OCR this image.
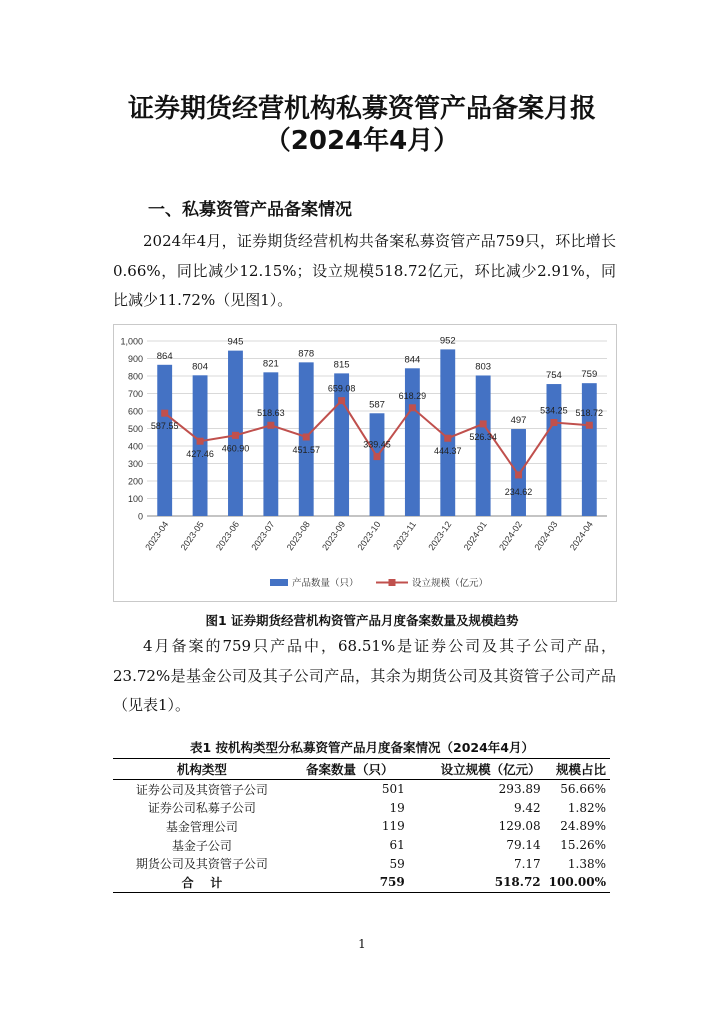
证券期货经营机构私募资管产品备案月报
（2024年4月）
一、私募资管产品备案情况
2024年4月，证券期货经营机构共备案私募资管产品759只，环比增长0.66%，同比减少12.15%；设立规模518.72亿元，环比减少2.91%，同比减少11.72%（见图1）。
0
100
200
300
400
500
600
700
800
900
1,000
864
804
945
821
878
815
587
844
952
803
497
754 759
587.55
427.46
460.90
518.63
451.57
659.08
339.45
618.29
444.37
526.34
234.62
534.25 518.72
2023-04 2023-05 2023-06 2023-07 2023-08 2023-09 2023-10 2023-11 2023-12 2024-01 2024-02 2024-03 2024-04
产品数量（只）	设立规模（亿元）
图1 证券期货经营机构资管产品月度备案数量及规模趋势
4月备案的759只产品中，68.51%是证券公司及其子公司产品，23.72%是基金公司及其子公司产品，其余为期货公司及其资管子公司产品（见表1）。
表1 按机构类型分私募资管产品月度备案情况（2024年4月）
机构类型	备案数量（只）	设立规模（亿元）	规模占比
证券公司及其资管子公司	501	293.89	56.66%
证券公司私募子公司	19	9.42	1.82%
基金管理公司	119	129.08	24.89%
基金子公司	61	79.14	15.26%
期货公司及其资管子公司	59	7.17	1.38%
合    计	759	518.72	100.00%
1
